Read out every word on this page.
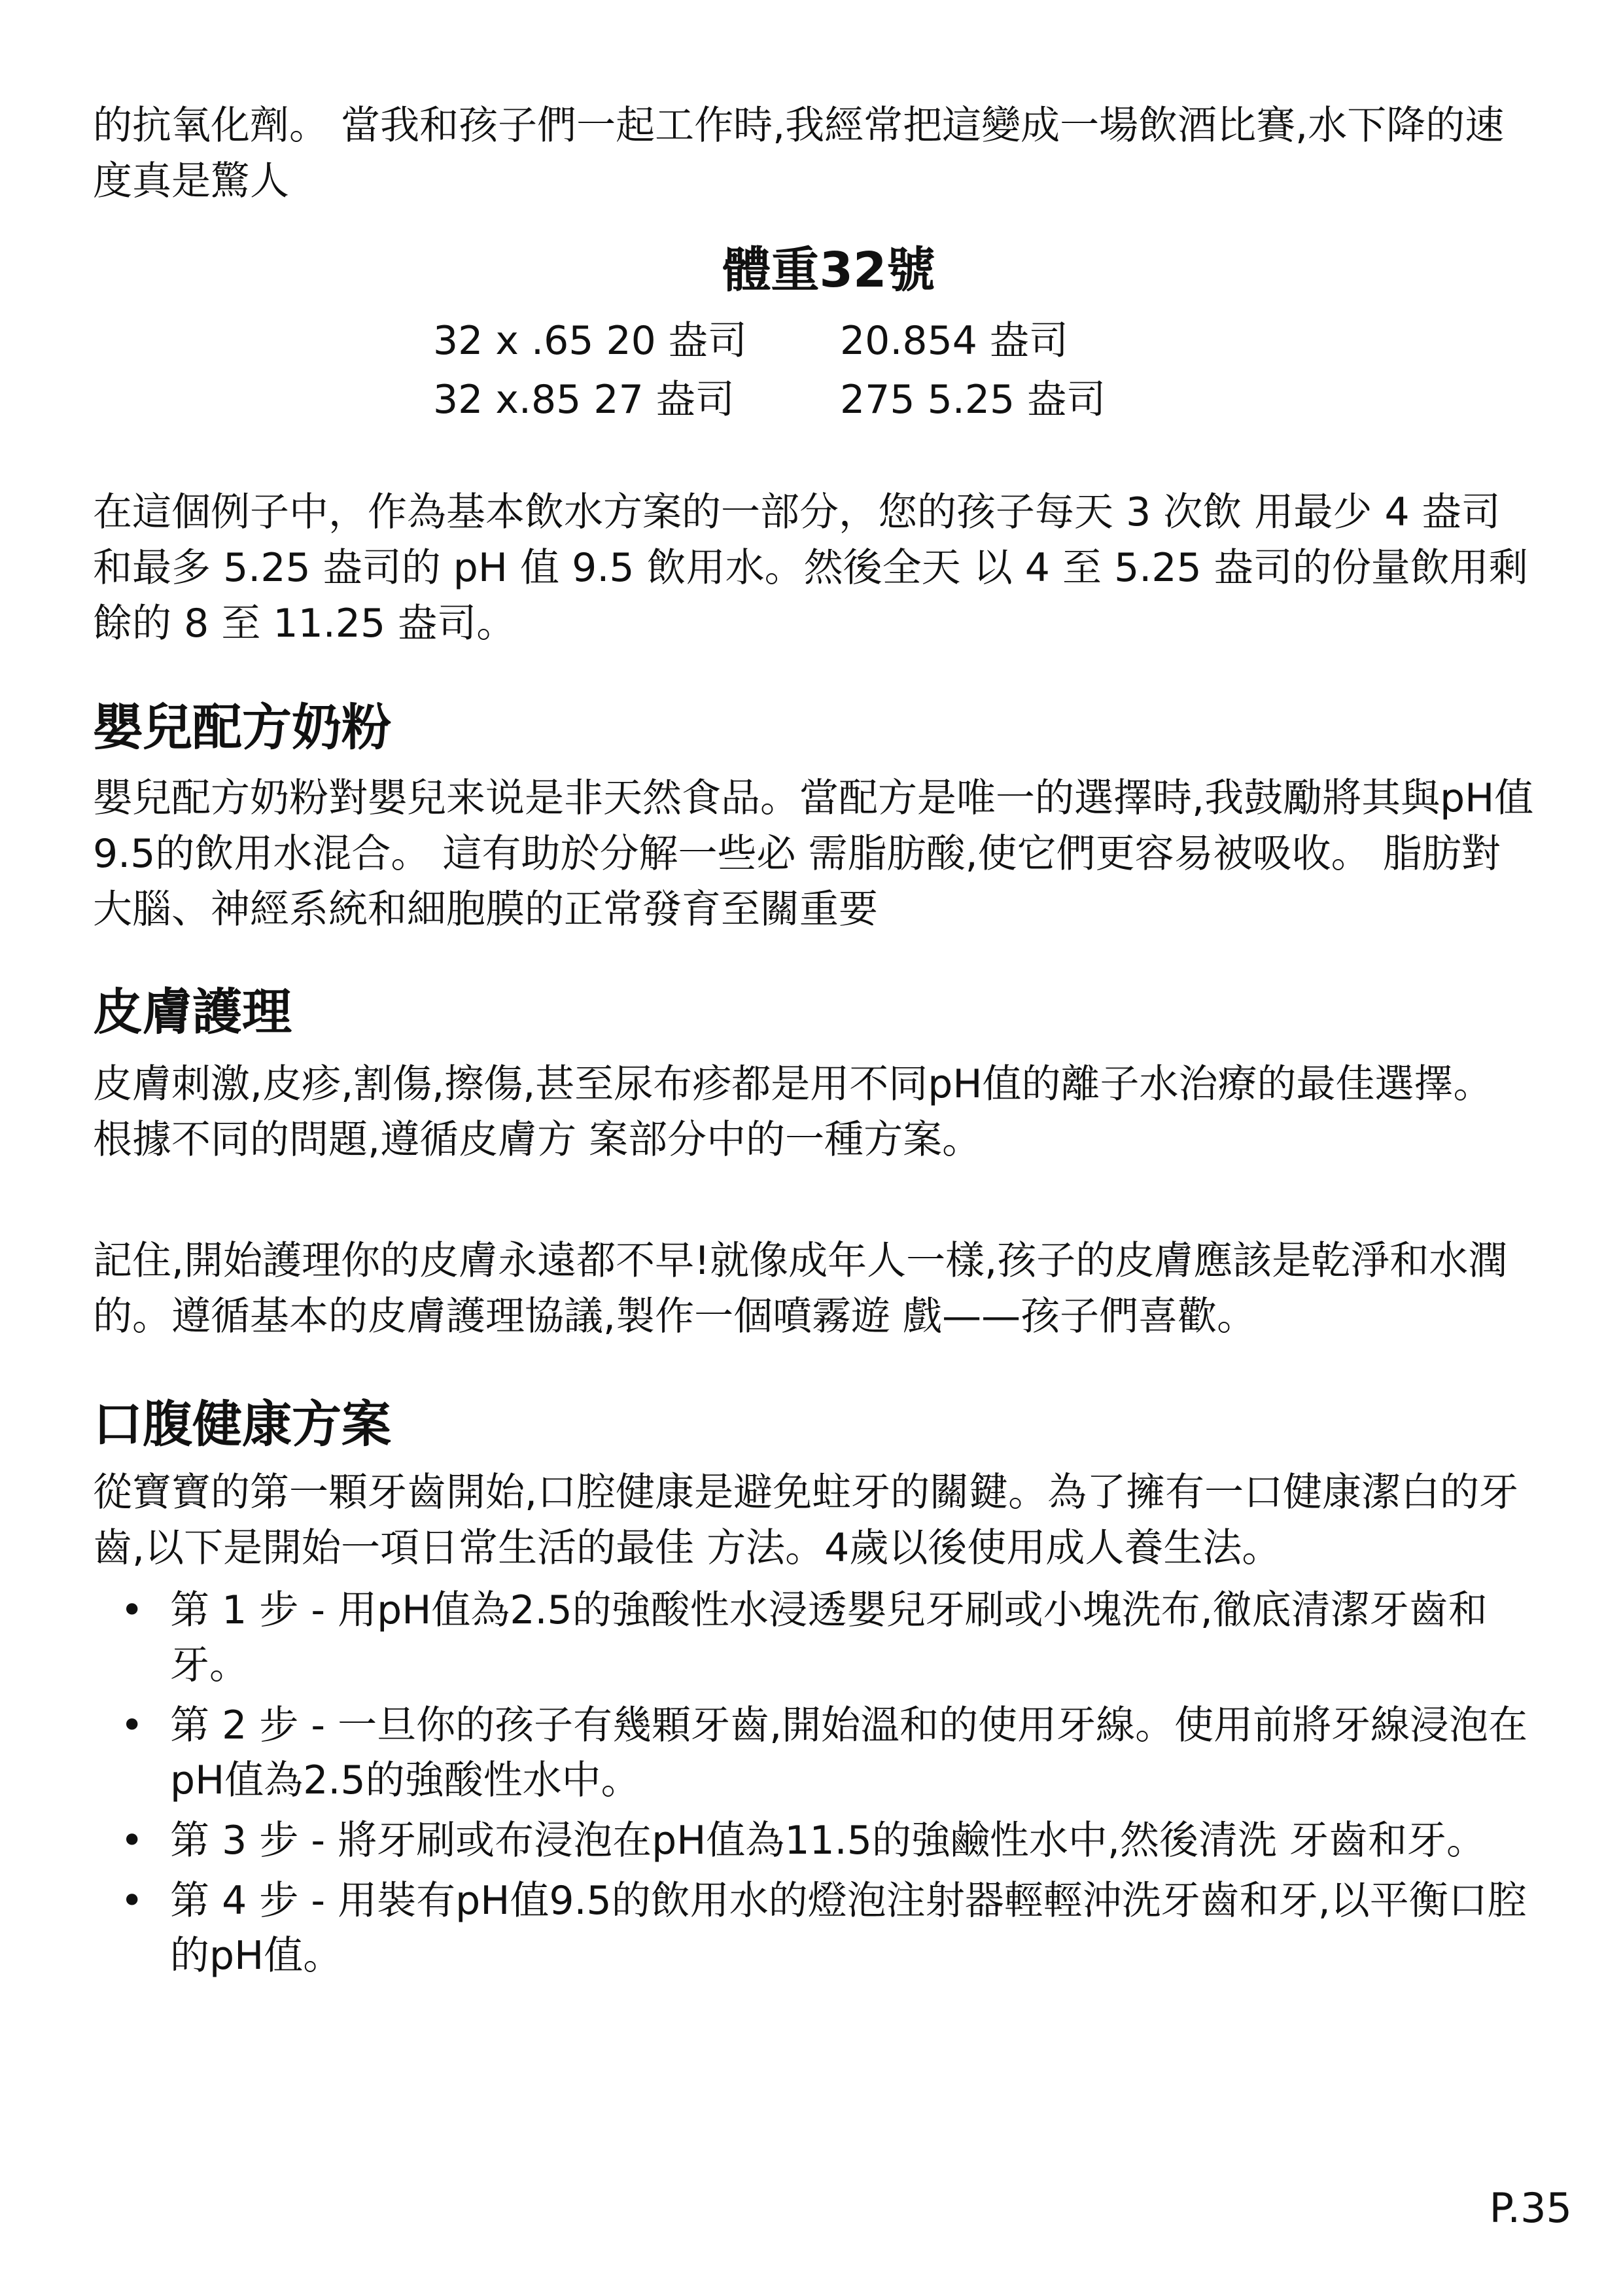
的抗氧化劑。 當我和孩子們一起工作時,我經常把這變成一場飲酒比賽,水下降的速度真是驚人

體重32號
32 x .65 20 盎司	20.854 盎司
32 x.85 27 盎司	275 5.25 盎司

在這個例子中，作為基本飲水方案的一部分，您的孩子每天 3 次飲 用最少 4 盎司和最多 5.25 盎司的 pH 值 9.5 飲用水。然後全天 以 4 至 5.25 盎司的份量飲用剩餘的 8 至 11.25 盎司。

嬰兒配方奶粉

嬰兒配方奶粉對嬰兒来说是非天然食品。當配方是唯一的選擇時,我鼓勵將其與pH值9.5的飲用水混合。 這有助於分解一些必 需脂肪酸,使它們更容易被吸收。 脂肪對大腦、神經系統和細胞膜的正常發育至關重要

皮膚護理

皮膚刺激,皮疹,割傷,擦傷,甚至尿布疹都是用不同pH值的離子水治療的最佳選擇。 根據不同的問題,遵循皮膚方 案部分中的一種方案。

記住,開始護理你的皮膚永遠都不早!就像成年人一樣,孩子的皮膚應該是乾淨和水潤的。遵循基本的皮膚護理協議,製作一個噴霧遊 戲——孩子們喜歡。

口腹健康方案

從寶寶的第一顆牙齒開始,口腔健康是避免蛀牙的關鍵。為了擁有一口健康潔白的牙齒,以下是開始一項日常生活的最佳 方法。4歲以後使用成人養生法。

• 第 1 步 - 用pH值為2.5的強酸性水浸透嬰兒牙刷或小塊洗布,徹底清潔牙齒和牙。
• 第 2 步 - 一旦你的孩子有幾顆牙齒,開始溫和的使用牙線。使用前將牙線浸泡在pH值為2.5的強酸性水中。
• 第 3 步 - 將牙刷或布浸泡在pH值為11.5的強鹼性水中,然後清洗 牙齒和牙。
• 第 4 步 - 用裝有pH值9.5的飲用水的燈泡注射器輕輕沖洗牙齒和牙,以平衡口腔的pH值。
P.35
